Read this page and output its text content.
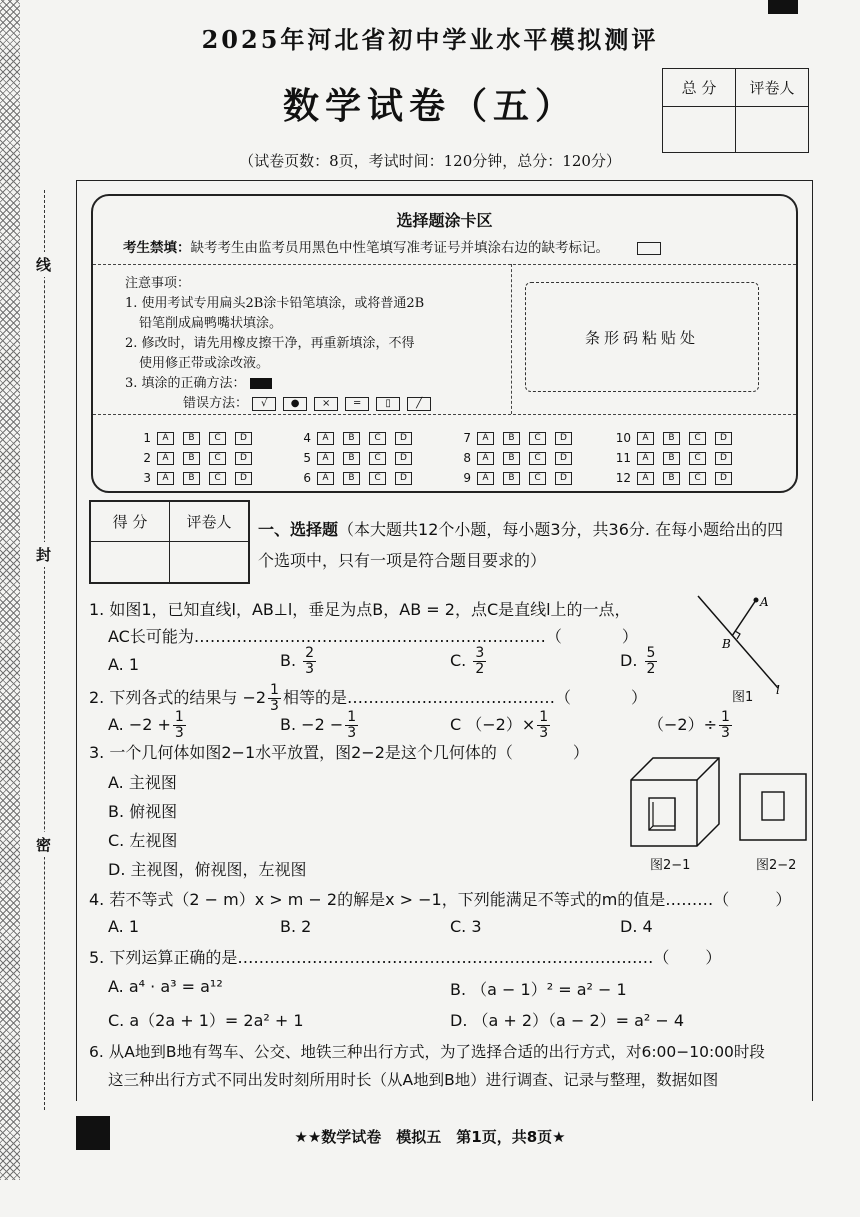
线
封
密
2025年河北省初中学业水平模拟测评
数学试卷（五）
（试卷页数：8页，考试时间：120分钟，总分：120分）
总 分	评卷人

选择题涂卡区
考生禁填：缺考考生由监考员用黑色中性笔填写准考证号并填涂右边的缺考标记。
注意事项：
1. 使用考试专用扁头2B涂卡铅笔填涂，或将普通2B
铅笔削成扁鸭嘴状填涂。
2. 修改时，请先用橡皮擦干净，再重新填涂，不得
使用修正带或涂改液。
3. 填涂的正确方法：
错误方法： √ ● × ═	▯	╱
条形码粘贴处
1	A	B	C	D	4	A	B	C	D	7	A	B	C	D	10	A	B	C	D
2	A	B	C	D	5	A	B	C	D	8	A	B	C	D	11	A	B	C	D
3	A	B	C	D	6	A	B	C	D	9	A	B	C	D	12	A	B	C	D
得 分	评卷人
	一、选择题（本大题共12个小题，每小题3分，共36分. 在每小题给出的四个选项中，只有一项是符合题目要求的）
1. 如图1，已知直线l，AB⊥l，垂足为点B，AB = 2，点C是直线l上的一点，
AC长可能为…………………………………………………………（	）
A. 1	B. $\frac{2}{3}$	C. $\frac{3}{2}$	D. $\frac{5}{2}$
A
B
l
图1
2. 下列各式的结果与 $-2 \frac{1}{3}$ 相等的是…………………………………（	）
A. $-2 + \frac{1}{3}$	B. $-2 - \frac{1}{3}$	C $(-2)\times \frac{1}{3}$	$(-2)\div \frac{1}{3}$
3. 一个几何体如图2−1水平放置，图2−2是这个几何体的（	）
A. 主视图
B. 俯视图
C. 左视图
D. 主视图，俯视图，左视图	图2−1	图2−2
4. 若不等式（2 − m）x > m − 2的解是x > −1，下列能满足不等式的m的值是………（	）
A. 1	B. 2	C. 3	D. 4
5. 下列运算正确的是……………………………………………………………………（ ）
A. a⁴ · a³ = a¹²	B. （a − 1）² = a² − 1
C. a（2a + 1）= 2a² + 1	D. （a + 2）（a − 2）= a² − 4
6. 从A地到B地有驾车、公交、地铁三种出行方式，为了选择合适的出行方式，对6:00−10:00时段
这三种出行方式不同出发时刻所用时长（从A地到B地）进行调查、记录与整理，数据如图
★★数学试卷　模拟五　第1页，共8页★
